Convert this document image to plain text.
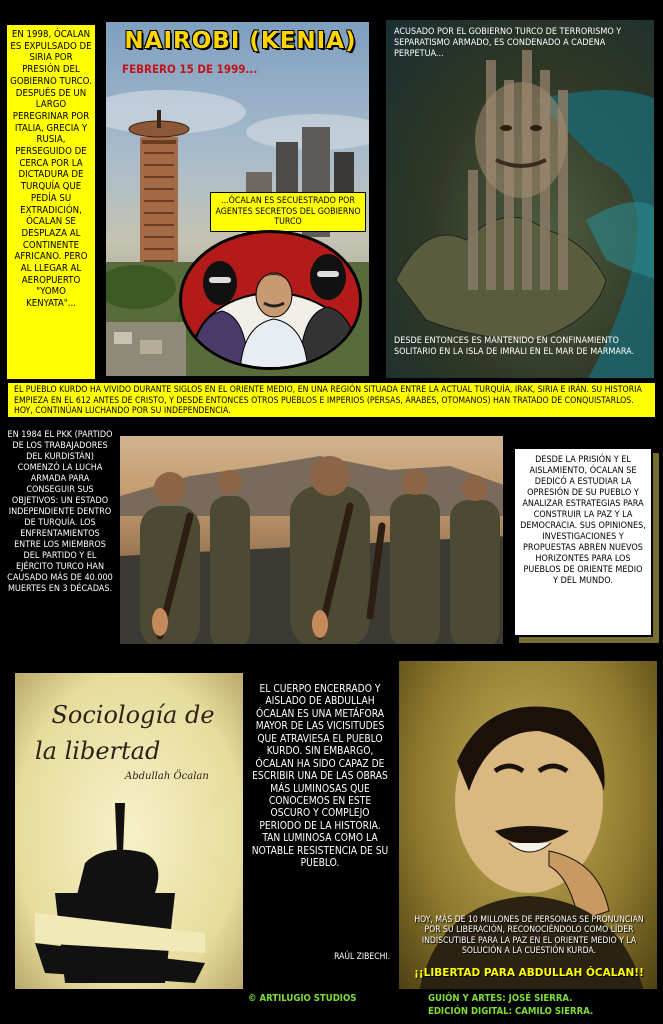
EN 1998, ÓCALAN ES EXPULSADO DE SIRIA POR PRESIÓN DEL GOBIERNO TURCO. DESPUÉS DE UN LARGO PEREGRINAR POR ITALIA, GRECIA Y RUSIA, PERSEGUIDO DE CERCA POR LA DICTADURA DE TURQUÍA QUE PEDÍA SU EXTRADICIÓN, ÓCALAN SE DESPLAZA AL CONTINENTE AFRICANO. PERO AL LLEGAR AL AEROPUERTO "YOMO KENYATA"...
NAIROBI (KENIA)
FEBRERO 15 DE 1999...
...ÓCALAN ES SECUESTRADO POR AGENTES SECRETOS DEL GOBIERNO TURCO
ACUSADO POR EL GOBIERNO TURCO DE TERRORISMO Y SEPARATISMO ARMADO, ES CONDENADO A CADENA PERPETUA...
DESDE ENTONCES ES MANTENIDO EN CONFINAMIENTO SOLITARIO EN LA ISLA DE IMRALI EN EL MAR DE MARMARA.
EL PUEBLO KURDO HA VIVIDO DURANTE SIGLOS EN EL ORIENTE MEDIO, EN UNA REGIÓN SITUADA ENTRE LA ACTUAL TURQUÍA, IRAK, SIRIA E IRÁN. SU HISTORIA EMPIEZA EN EL 612 ANTES DE CRISTO, Y DESDE ENTONCES OTROS PUEBLOS E IMPERIOS (PERSAS, ÁRABES, OTOMANOS) HAN TRATADO DE CONQUISTARLOS. HOY, CONTINÚAN LUCHANDO POR SU INDEPENDENCIA.
EN 1984 EL PKK (PARTIDO DE LOS TRABAJADORES DEL KURDISTÁN) COMENZÓ LA LUCHA ARMADA PARA CONSEGUIR SUS OBJETIVOS: UN ESTADO INDEPENDIENTE DENTRO DE TURQUÍA. LOS ENFRENTAMIENTOS ENTRE LOS MIEMBROS DEL PARTIDO Y EL EJÉRCITO TURCO HAN CAUSADO MÁS DE 40.000 MUERTES EN 3 DÉCADAS.
DESDE LA PRISIÓN Y EL AISLAMIENTO, ÓCALAN SE DEDICÓ A ESTUDIAR LA OPRESIÓN DE SU PUEBLO Y ANALIZAR ESTRATEGIAS PARA CONSTRUIR LA PAZ Y LA DEMOCRACIA. SUS OPINIONES, INVESTIGACIONES Y PROPUESTAS ABREN NUEVOS HORIZONTES PARA LOS PUEBLOS DE ORIENTE MEDIO Y DEL MUNDO.
Sociología de
la libertad
Abdullah Öcalan
EL CUERPO ENCERRADO Y AISLADO DE ABDULLAH ÓCALAN ES UNA METÁFORA MAYOR DE LAS VICISITUDES QUE ATRAVIESA EL PUEBLO KURDO. SIN EMBARGO, ÓCALAN HA SIDO CAPAZ DE ESCRIBIR UNA DE LAS OBRAS MÁS LUMINOSAS QUE CONOCEMOS EN ESTE OSCURO Y COMPLEJO PERIODO DE LA HISTORIA. TAN LUMINOSA COMO LA NOTABLE RESISTENCIA DE SU PUEBLO.
RAÚL ZIBECHI.
HOY, MÁS DE 10 MILLONES DE PERSONAS SE PRONUNCIAN POR SU LIBERACIÓN, RECONOCIÉNDOLO COMO LÍDER INDISCUTIBLE PARA LA PAZ EN EL ORIENTE MEDIO Y LA SOLUCIÓN A LA CUESTIÓN KURDA.
¡¡LIBERTAD PARA ABDULLAH ÓCALAN!!
© ARTILUGIO STUDIOS	GUIÓN Y ARTES: JOSÉ SIERRA.
EDICIÓN DIGITAL: CAMILO SIERRA.
